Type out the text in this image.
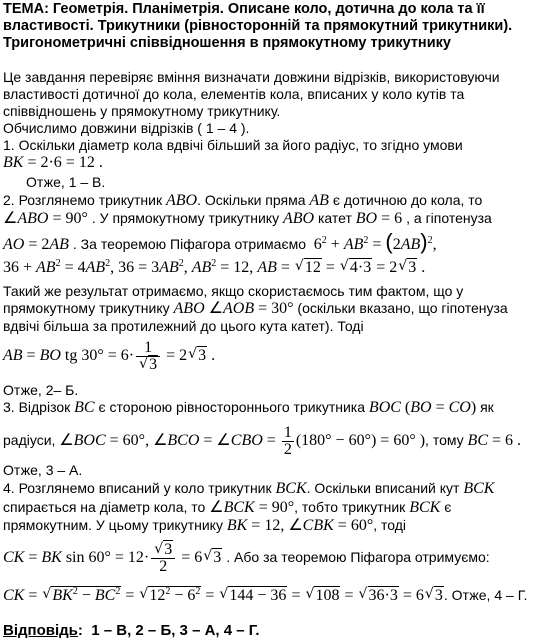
ТЕМА: Геометрія. Планіметрія. Описане коло, дотична до кола та її
властивості. Трикутники (рівносторонній та прямокутний трикутники).
Тригонометричні співвідношення в прямокутному трикутнику
Це завдання перевіряє вміння визначати довжини відрізків, використовуючи
властивості дотичної до кола, елементів кола, вписаних у коло кутів та
співвідношень у прямокутному трикутнику.
Обчислимо довжини відрізків ( 1 – 4 ).
1. Оскільки діаметр кола вдвічі більший за його радіус, то згідно умови
BK = 2·6 = 12 .
Отже, 1 – В.
2. Розглянемо трикутник ABO. Оскільки пряма AB є дотичною до кола, то
∠ABO = 90° . У прямокутному трикутнику ABO катет BO = 6 , а гіпотенуза
AO = 2AB . За теоремою Піфагора отримаємо $6^2 + AB^2 = (2AB)^2$,
$36 + AB^2 = 4AB^2$, $36 = 3AB^2$, $AB^2 = 12$, AB = √ 12 = √ 4·3 = 2√ 3 .
Такий же результат отримаємо, якщо скористаємось тим фактом, що у
прямокутному трикутнику ABO ∠AOB = 30° (оскільки вказано, що гіпотенуза
вдвічі більша за протилежний до цього кута катет). Тоді
AB = BO tg 30° = 6· 1
√ 3 = 2√ 3 .
Отже, 2– Б.
3. Відрізок BC є стороною рівностороннього трикутника BOC (BO = CO) як
радіуси, ∠BOC = 60°, ∠BCO = ∠CBO = $\frac{1}{2} (180^\circ - 60^\circ) = 60^\circ$ ), тому BC = 6 .
Отже, 3 – А.
4. Розглянемо вписаний у коло трикутник BCK. Оскільки вписаний кут BCK
спирається на діаметр кола, то ∠BCK = 90°, тобто трикутник BCK є
прямокутним. У цьому трикутнику BK = 12, ∠CBK = 60°, тоді
CK = BK sin 60° = 12·
√ $\frac{3}{2} = 6√$ 3 . Або за теоремою Піфагора отримуємо:
CK = √ $BK^2 - BC^2$ = √ $12^2 - 6^2$ = √ 144 − 36 = √ 108 = √ 36·3 = 6√ 3. Отже, 4 – Г.
Відповідь: 1 – В, 2 – Б, 3 – А, 4 – Г.
